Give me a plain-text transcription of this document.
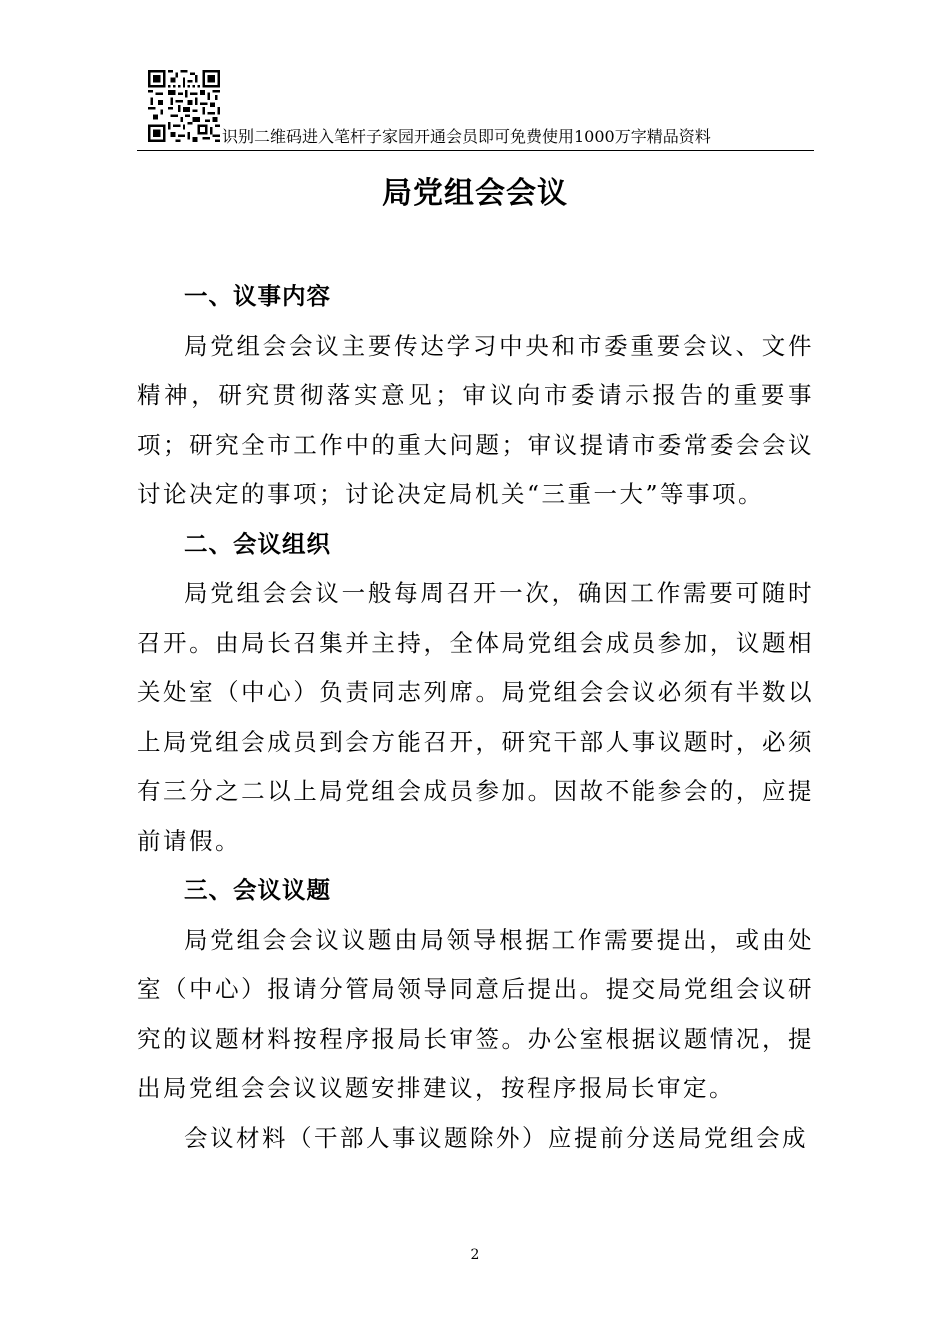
识别二维码进入笔杆子家园开通会员即可免费使用1000万字精品资料
局党组会会议

一、议事内容

局党组会会议主要传达学习中央和市委重要会议、文件精神，研究贯彻落实意见；审议向市委请示报告的重要事项；研究全市工作中的重大问题；审议提请市委常委会会议讨论决定的事项；讨论决定局机关“三重一大”等事项。

二、会议组织

局党组会会议一般每周召开一次，确因工作需要可随时召开。由局长召集并主持，全体局党组会成员参加，议题相关处室（中心）负责同志列席。局党组会会议必须有半数以上局党组会成员到会方能召开，研究干部人事议题时，必须有三分之二以上局党组会成员参加。因故不能参会的，应提前请假。

三、会议议题

局党组会会议议题由局领导根据工作需要提出，或由处室（中心）报请分管局领导同意后提出。提交局党组会议研究的议题材料按程序报局长审签。办公室根据议题情况，提出局党组会会议议题安排建议，按程序报局长审定。

会议材料（干部人事议题除外）应提前分送局党组会成

2
